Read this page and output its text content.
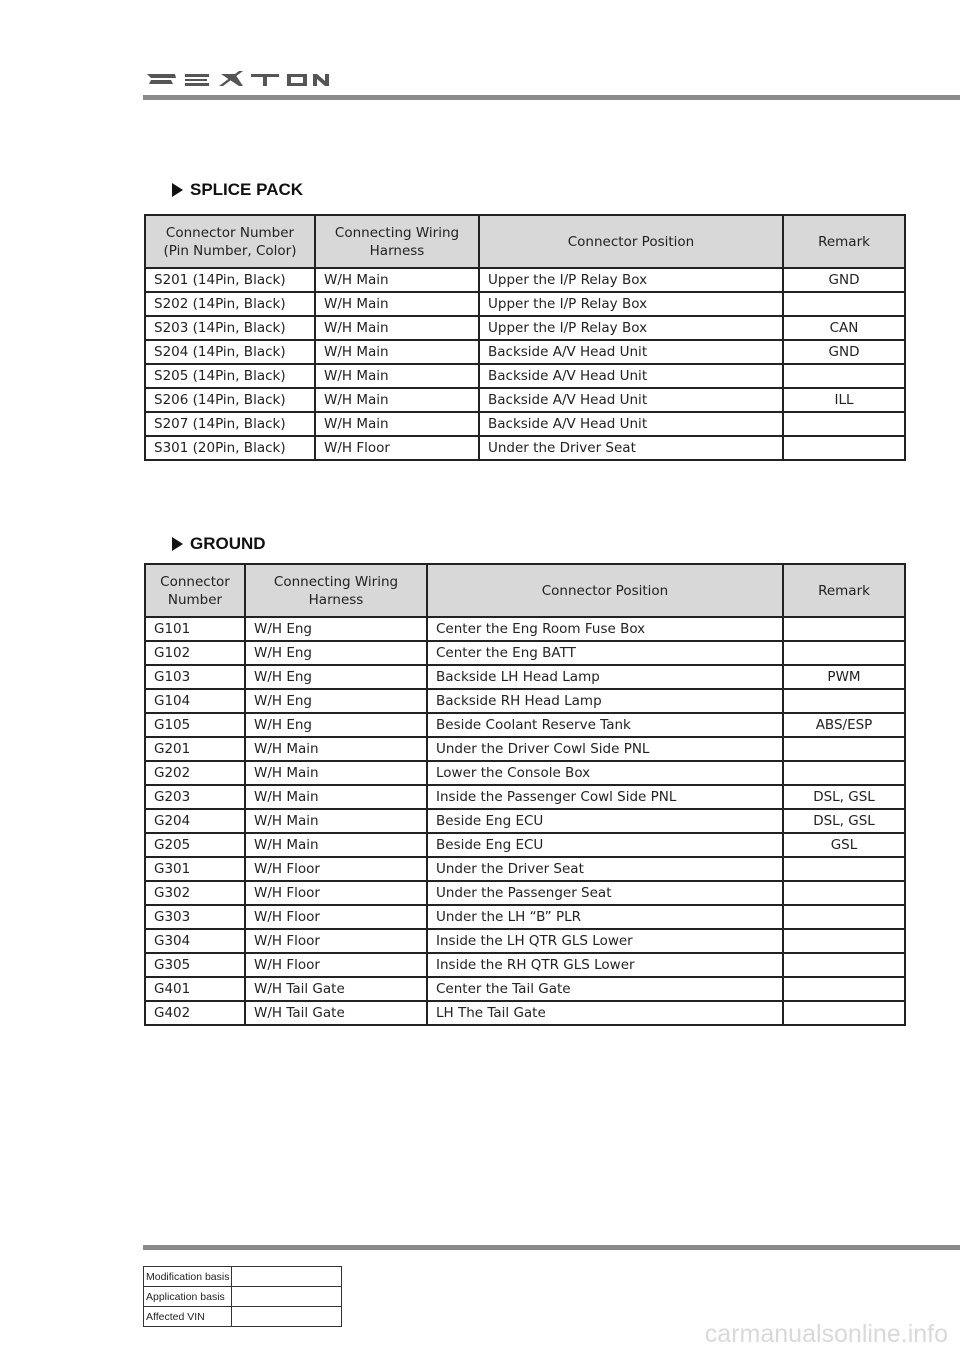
SPLICE PACK
Connector Number
(Pin Number, Color)	Connecting Wiring
Harness	Connector Position	Remark
S201 (14Pin, Black)	W/H Main	Upper the I/P Relay Box	GND
S202 (14Pin, Black)	W/H Main	Upper the I/P Relay Box	
S203 (14Pin, Black)	W/H Main	Upper the I/P Relay Box	CAN
S204 (14Pin, Black)	W/H Main	Backside A/V Head Unit	GND
S205 (14Pin, Black)	W/H Main	Backside A/V Head Unit	
S206 (14Pin, Black)	W/H Main	Backside A/V Head Unit	ILL
S207 (14Pin, Black)	W/H Main	Backside A/V Head Unit	
S301 (20Pin, Black)	W/H Floor	Under the Driver Seat	
GROUND
Connector
Number	Connecting Wiring
Harness	Connector Position	Remark
G101	W/H Eng	Center the Eng Room Fuse Box	
G102	W/H Eng	Center the Eng BATT	
G103	W/H Eng	Backside LH Head Lamp	PWM
G104	W/H Eng	Backside RH Head Lamp	
G105	W/H Eng	Beside Coolant Reserve Tank	ABS/ESP
G201	W/H Main	Under the Driver Cowl Side PNL	
G202	W/H Main	Lower the Console Box	
G203	W/H Main	Inside the Passenger Cowl Side PNL	DSL, GSL
G204	W/H Main	Beside Eng ECU	DSL, GSL
G205	W/H Main	Beside Eng ECU	GSL
G301	W/H Floor	Under the Driver Seat	
G302	W/H Floor	Under the Passenger Seat	
G303	W/H Floor	Under the LH “B” PLR	
G304	W/H Floor	Inside the LH QTR GLS Lower	
G305	W/H Floor	Inside the RH QTR GLS Lower	
G401	W/H Tail Gate	Center the Tail Gate	
G402	W/H Tail Gate	LH The Tail Gate	
Modification basis	
Application basis	
Affected VIN	
carmanualsonline.info
